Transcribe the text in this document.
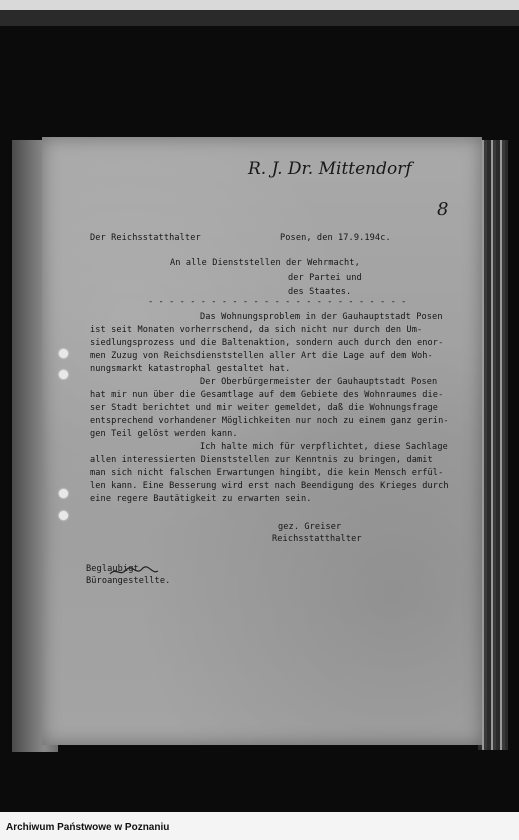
R. J. Dr. Mittendorf
8
Der Reichsstatthalter	Posen, den 17.9.194c.
An alle Dienststellen der Wehrmacht,
der Partei und
des Staates.
- - - - - - - - - - - - - - - - - - - - - - - - -
Das Wohnungsproblem in der Gauhauptstadt Posen
ist seit Monaten vorherrschend, da sich nicht nur durch den Um-
siedlungsprozess und die Baltenaktion, sondern auch durch den enor-
men Zuzug von Reichsdienststellen aller Art die Lage auf dem Woh-
nungsmarkt katastrophal gestaltet hat.
Der Oberbürgermeister der Gauhauptstadt Posen
hat mir nun über die Gesamtlage auf dem Gebiete des Wohnraumes die-
ser Stadt berichtet und mir weiter gemeldet, daß die Wohnungsfrage
entsprechend vorhandener Möglichkeiten nur noch zu einem ganz gerin-
gen Teil gelöst werden kann.
Ich halte mich für verpflichtet, diese Sachlage
allen interessierten Dienststellen zur Kenntnis zu bringen, damit
man sich nicht falschen Erwartungen hingibt, die kein Mensch erfül-
len kann. Eine Besserung wird erst nach Beendigung des Krieges durch
eine regere Bautätigkeit zu erwarten sein.
gez. Greiser
Reichsstatthalter
Beglaubigt
Büroangestellte.
Archiwum Państwowe w Poznaniu
